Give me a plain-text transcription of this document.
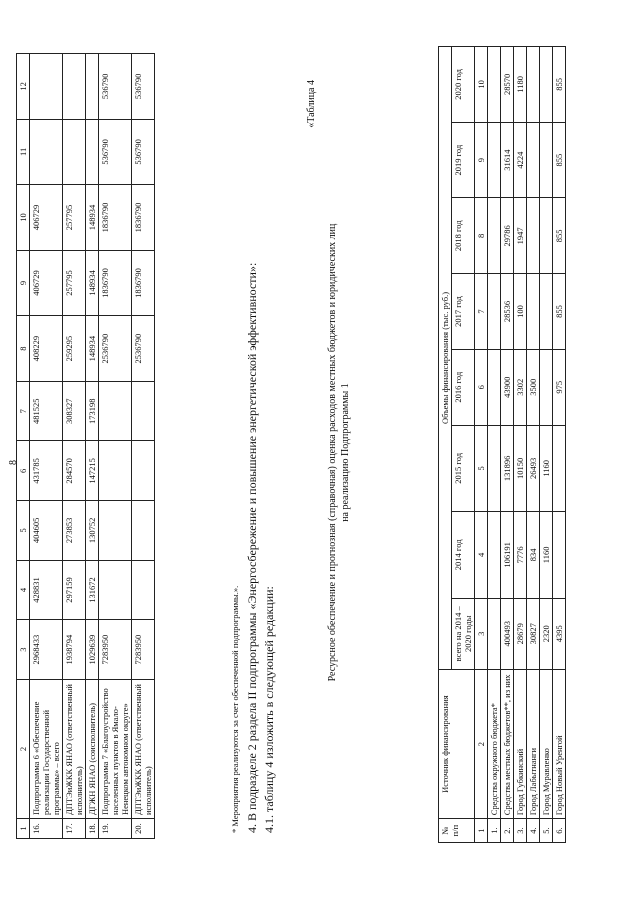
8
1	2	3	4	5	6	7	8	9	10	11	12
16.	Подпрограмма 6 «Обеспечение реализации Государственной программы» – всего	2968433	428831	404605	431785	481525	408229	406729	406729		
17.	ДПТЭиЖКК ЯНАО (ответственный исполнитель)	1938794	297159	273853	284570	308327	259295	257795	257795		
18.	ДГЖН ЯНАО (соисполнитель)	1029639	131672	130752	147215	173198	148934	148934	148934		
19.	Подпрограмма 7 «Благоустройство населенных пунктов в Ямало-Ненецком автономном округе»	7283950					2536790	1836790	1836790	536790	536790
20.	ДПТЭиЖКК ЯНАО (ответственный исполнитель)	7283950					2536790	1836790	1836790	536790	536790
* Мероприятия реализуются за счет обеспеченной подпрограммы.». 4. В подразделе 2 раздела II подпрограммы «Энергосбережение и повышение энергетической эффективности»: 4.1. таблицу 4 изложить в следующей редакции:
«Таблица 4
Ресурсное обеспечение и прогнозная (справочная) оценка расходов местных бюджетов и юридических лиц на реализацию Подпрограммы 1
№ п/п	Источник финансирования	Объемы финансирования (тыс. руб.)							
		всего на 2014 – 2020 годы	2014 год	2015 год	2016 год	2017 год	2018 год	2019 год	2020 год
1	2	3	4	5	6	7	8	9	10
1.	Средства окружного бюджета*								
2.	Средства местных бюджетов**, из них	400493	106191	131896	43900	28536	29786	31614	28570
3.	Город Губкинский	28679	7776	10150	3302	100	1947	4224	1180
4.	Город Лабытнанги	30827	834	26493	3500				
5.	Город Муравленко	2320	1160	1160					
6.	Город Новый Уренгой	4395			975	855	855	855	855
